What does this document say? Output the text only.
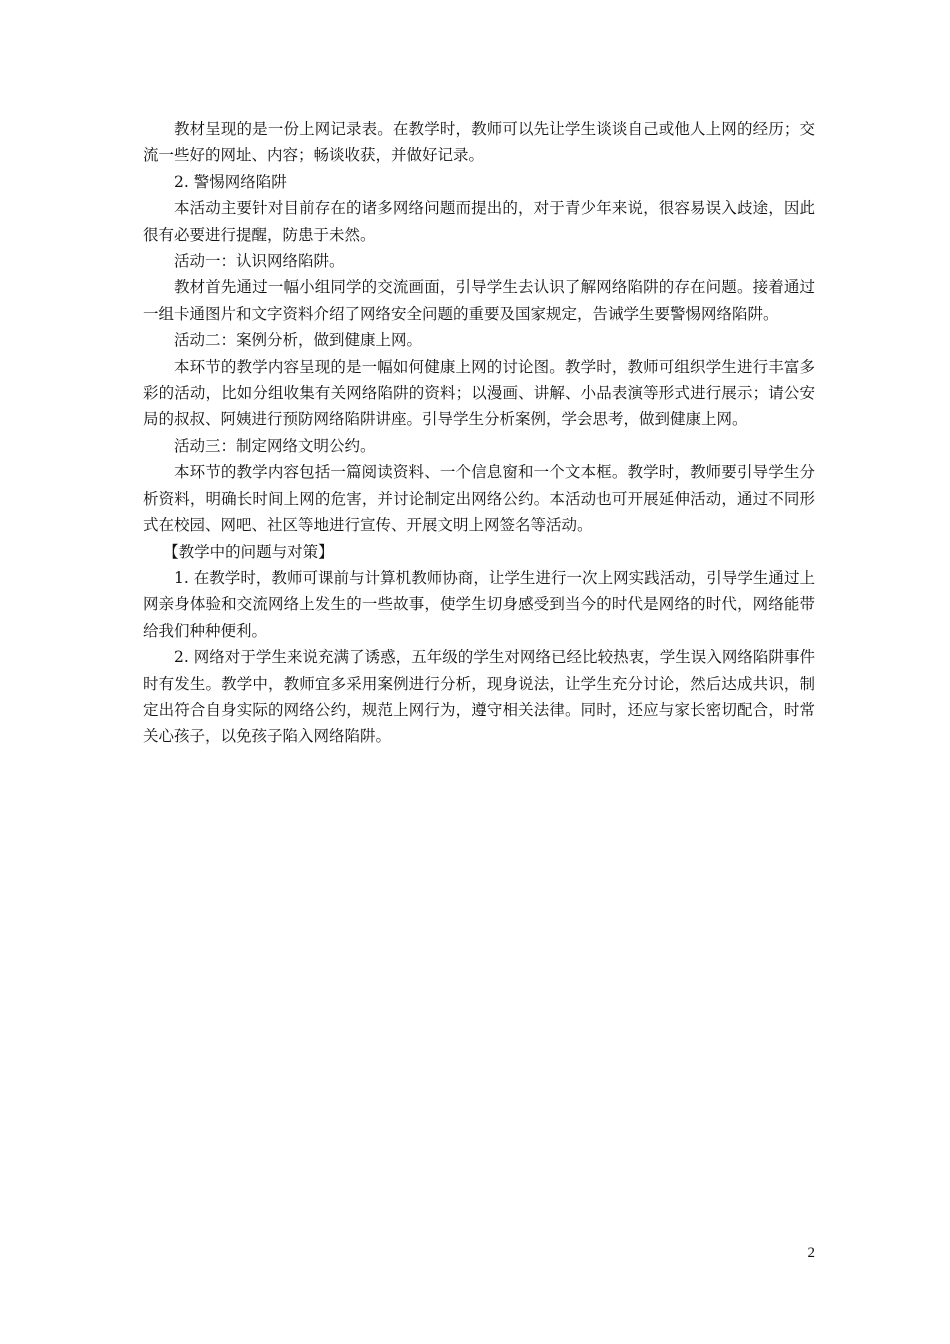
教材呈现的是一份上网记录表。在教学时，教师可以先让学生谈谈自己或他人上网的经历；交流一些好的网址、内容；畅谈收获，并做好记录。

2. 警惕网络陷阱

本活动主要针对目前存在的诸多网络问题而提出的，对于青少年来说，很容易误入歧途，因此很有必要进行提醒，防患于未然。

活动一：认识网络陷阱。

教材首先通过一幅小组同学的交流画面，引导学生去认识了解网络陷阱的存在问题。接着通过一组卡通图片和文字资料介绍了网络安全问题的重要及国家规定，告诫学生要警惕网络陷阱。

活动二：案例分析，做到健康上网。

本环节的教学内容呈现的是一幅如何健康上网的讨论图。教学时，教师可组织学生进行丰富多彩的活动，比如分组收集有关网络陷阱的资料；以漫画、讲解、小品表演等形式进行展示；请公安局的叔叔、阿姨进行预防网络陷阱讲座。引导学生分析案例，学会思考，做到健康上网。

活动三：制定网络文明公约。

本环节的教学内容包括一篇阅读资料、一个信息窗和一个文本框。教学时，教师要引导学生分析资料，明确长时间上网的危害，并讨论制定出网络公约。本活动也可开展延伸活动，通过不同形式在校园、网吧、社区等地进行宣传、开展文明上网签名等活动。

【教学中的问题与对策】

1. 在教学时，教师可课前与计算机教师协商，让学生进行一次上网实践活动，引导学生通过上网亲身体验和交流网络上发生的一些故事，使学生切身感受到当今的时代是网络的时代，网络能带给我们种种便利。

2. 网络对于学生来说充满了诱惑，五年级的学生对网络已经比较热衷，学生误入网络陷阱事件时有发生。教学中，教师宜多采用案例进行分析，现身说法，让学生充分讨论，然后达成共识，制定出符合自身实际的网络公约，规范上网行为，遵守相关法律。同时，还应与家长密切配合，时常关心孩子，以免孩子陷入网络陷阱。

2
